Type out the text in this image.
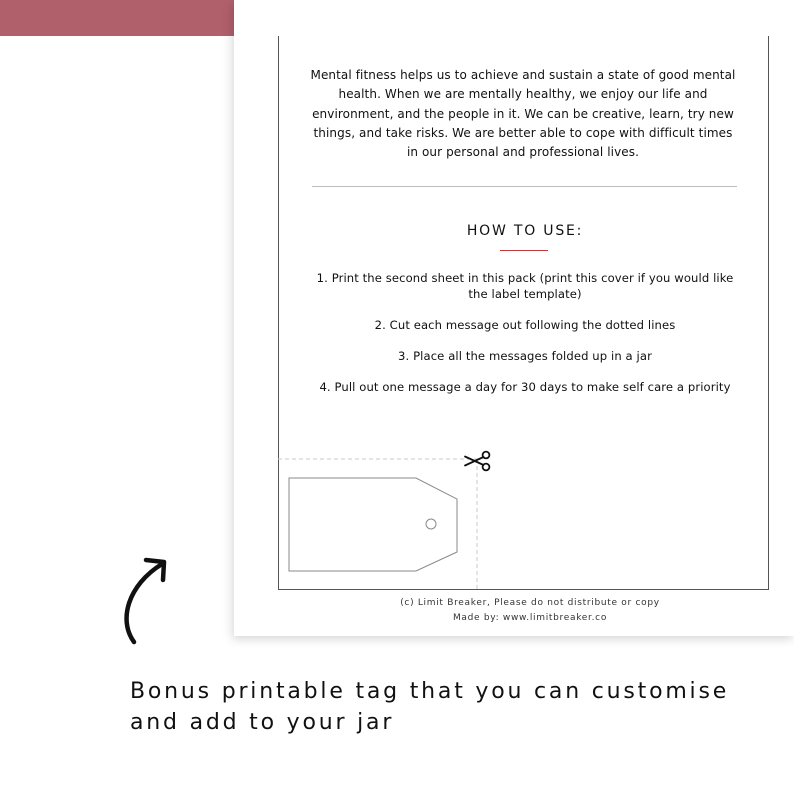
Mental fitness helps us to achieve and sustain a state of good mental health. When we are mentally healthy, we enjoy our life and environment, and the people in it. We can be creative, learn, try new things, and take risks. We are better able to cope with difficult times in our personal and professional lives.
HOW TO USE:
1. Print the second sheet in this pack (print this cover if you would like the label template)
2. Cut each message out following the dotted lines
3. Place all the messages folded up in a jar
4. Pull out one message a day for 30 days to make self care a priority
(c) Limit Breaker, Please do not distribute or copy
Made by: www.limitbreaker.co
Bonus printable tag that you can customise and add to your jar
